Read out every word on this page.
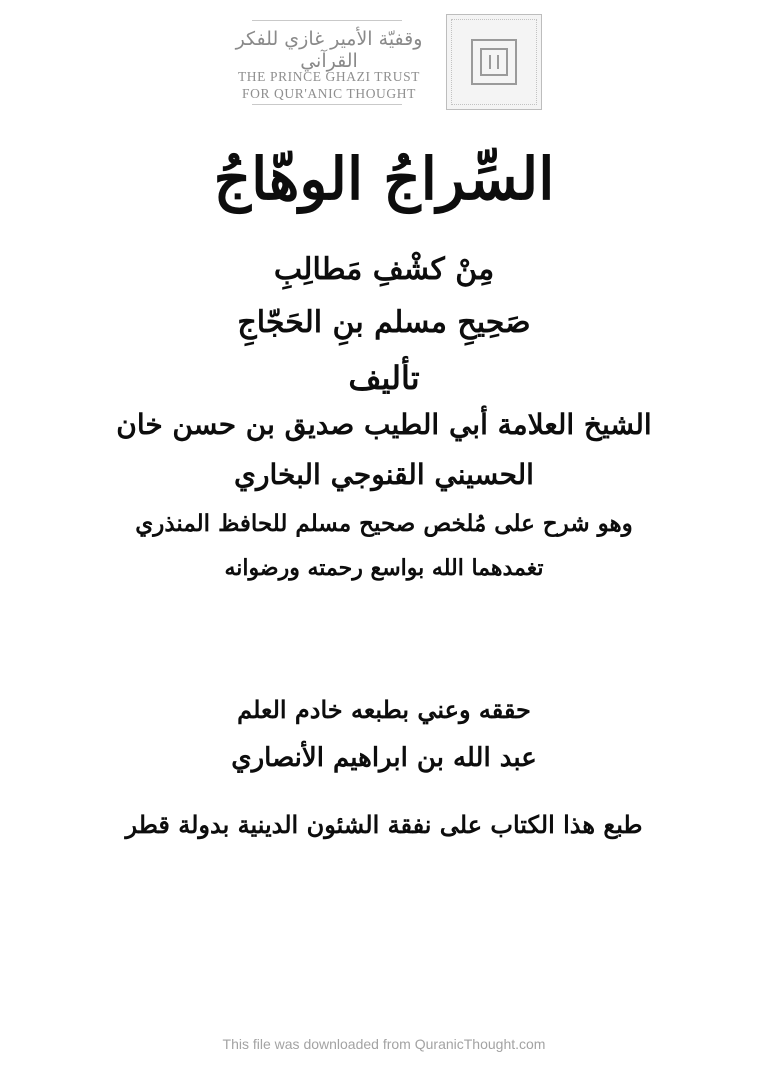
وقفيّة الأمير غازي للفكر القرآني
THE PRINCE GHAZI TRUST
FOR QUR'ANIC THOUGHT
السِّراجُ الوهّاجُ
مِنْ كشْفِ مَطالِبِ
صَحِيحِ مسلم بنِ الحَجّاجِ
تأليف
الشيخ العلامة أبي الطيب صديق بن حسن خان
الحسيني القنوجي البخاري
وهو شرح على مُلخص صحيح مسلم للحافظ المنذري
تغمدهما الله بواسع رحمته ورضوانه
حققه وعني بطبعه خادم العلم
عبد الله بن ابراهيم الأنصاري
طبع هذا الكتاب على نفقة الشئون الدينية بدولة قطر
This file was downloaded from QuranicThought.com
